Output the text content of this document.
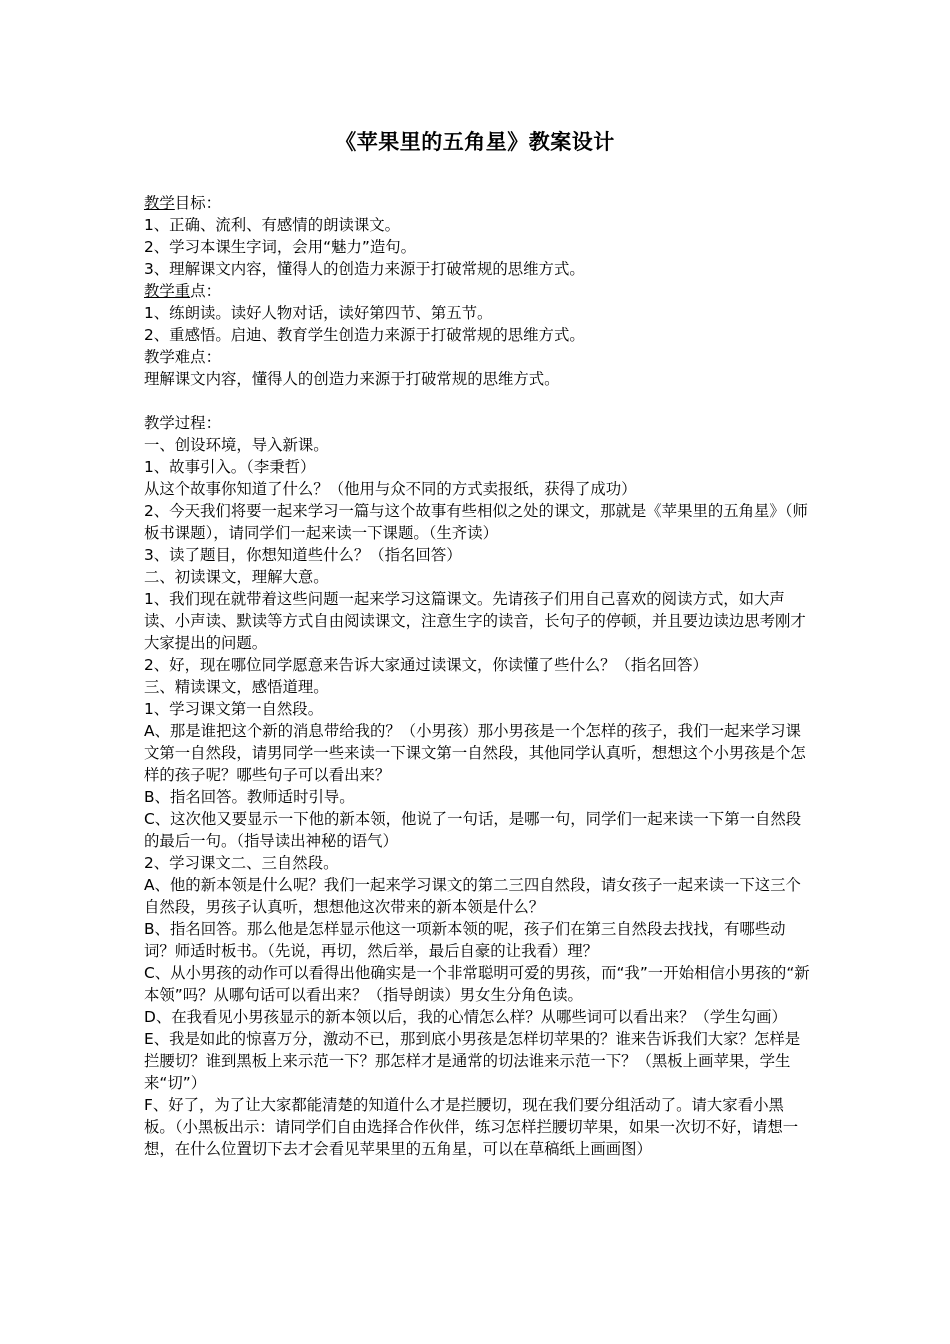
《苹果里的五角星》教案设计
教学目标：
1、正确、流利、有感情的朗读课文。
2、学习本课生字词，会用“魅力”造句。
3、理解课文内容，懂得人的创造力来源于打破常规的思维方式。
教学重点：
1、练朗读。读好人物对话，读好第四节、第五节。
2、重感悟。启迪、教育学生创造力来源于打破常规的思维方式。
教学难点：
理解课文内容，懂得人的创造力来源于打破常规的思维方式。
教学过程：
一、创设环境，导入新课。
1、故事引入。（李秉哲）
从这个故事你知道了什么？（他用与众不同的方式卖报纸，获得了成功）
2、今天我们将要一起来学习一篇与这个故事有些相似之处的课文，那就是《苹果里的五角星》（师板书课题），请同学们一起来读一下课题。（生齐读）
3、读了题目，你想知道些什么？（指名回答）
二、初读课文，理解大意。
1、我们现在就带着这些问题一起来学习这篇课文。先请孩子们用自己喜欢的阅读方式，如大声读、小声读、默读等方式自由阅读课文，注意生字的读音，长句子的停顿，并且要边读边思考刚才大家提出的问题。
2、好，现在哪位同学愿意来告诉大家通过读课文，你读懂了些什么？（指名回答）
三、精读课文，感悟道理。
1、学习课文第一自然段。
A、那是谁把这个新的消息带给我的？（小男孩）那小男孩是一个怎样的孩子，我们一起来学习课文第一自然段，请男同学一些来读一下课文第一自然段，其他同学认真听，想想这个小男孩是个怎样的孩子呢？哪些句子可以看出来？
B、指名回答。教师适时引导。
C、这次他又要显示一下他的新本领，他说了一句话，是哪一句，同学们一起来读一下第一自然段的最后一句。（指导读出神秘的语气）
2、学习课文二、三自然段。
A、他的新本领是什么呢？我们一起来学习课文的第二三四自然段，请女孩子一起来读一下这三个自然段，男孩子认真听，想想他这次带来的新本领是什么？
B、指名回答。那么他是怎样显示他这一项新本领的呢，孩子们在第三自然段去找找，有哪些动词？师适时板书。（先说，再切，然后举，最后自豪的让我看）理？
C、从小男孩的动作可以看得出他确实是一个非常聪明可爱的男孩，而“我”一开始相信小男孩的“新本领”吗？从哪句话可以看出来？（指导朗读）男女生分角色读。
D、在我看见小男孩显示的新本领以后，我的心情怎么样？从哪些词可以看出来？（学生勾画）
E、我是如此的惊喜万分，激动不已，那到底小男孩是怎样切苹果的？谁来告诉我们大家？怎样是拦腰切？谁到黑板上来示范一下？那怎样才是通常的切法谁来示范一下？（黑板上画苹果，学生来“切”）
F、好了，为了让大家都能清楚的知道什么才是拦腰切，现在我们要分组活动了。请大家看小黑板。（小黑板出示：请同学们自由选择合作伙伴，练习怎样拦腰切苹果，如果一次切不好，请想一想，在什么位置切下去才会看见苹果里的五角星，可以在草稿纸上画画图）
